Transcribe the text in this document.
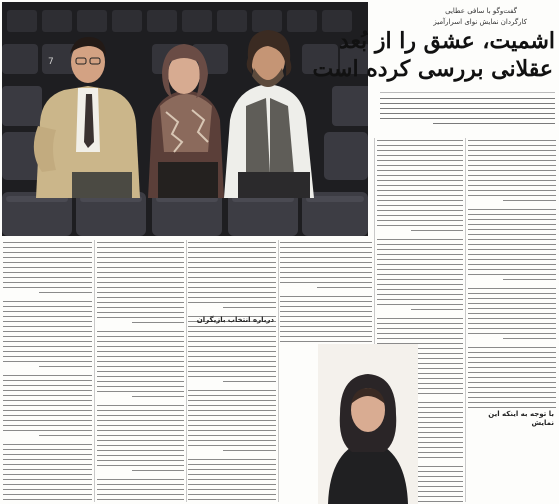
7

گفت‌وگو با سافی عطایی

کارگردان نمایش نوای اسرارآمیز

اشمیت، عشق را از بُعد
عقلانی بررسی کرده است
با توجه به اینکه این نمایش
درباره انتخاب بازیگران
